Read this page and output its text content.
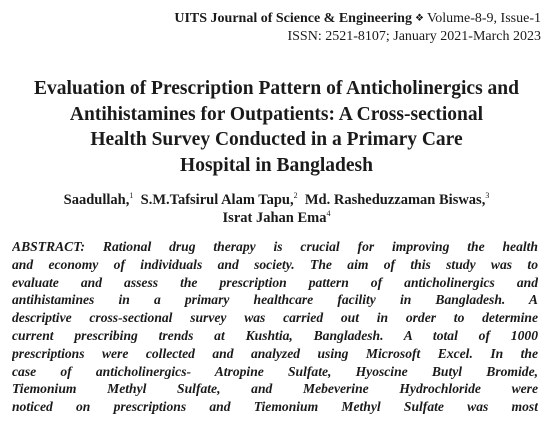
UITS Journal of Science & Engineering ❖ Volume-8-9, Issue-1
ISSN: 2521-8107; January 2021-March 2023
Evaluation of Prescription Pattern of Anticholinergics and
Antihistamines for Outpatients: A Cross-sectional
Health Survey Conducted in a Primary Care
Hospital in Bangladesh
Saadullah,$^1$ S.M.Tafsirul Alam Tapu,$^2$ Md. Rasheduzzaman Biswas,$^3$
Israt Jahan Ema$^4$
ABSTRACT: Rational drug therapy is crucial for improving the health
and economy of individuals and society. The aim of this study was to
evaluate and assess the prescription pattern of anticholinergics and
antihistamines in a primary healthcare facility in Bangladesh. A
descriptive cross-sectional survey was carried out in order to determine
current prescribing trends at Kushtia, Bangladesh. A total of 1000
prescriptions were collected and analyzed using Microsoft Excel. In the
case of anticholinergics- Atropine Sulfate, Hyoscine Butyl Bromide,
Tiemonium Methyl Sulfate, and Mebeverine Hydrochloride were
noticed on prescriptions and Tiemonium Methyl Sulfate was most
